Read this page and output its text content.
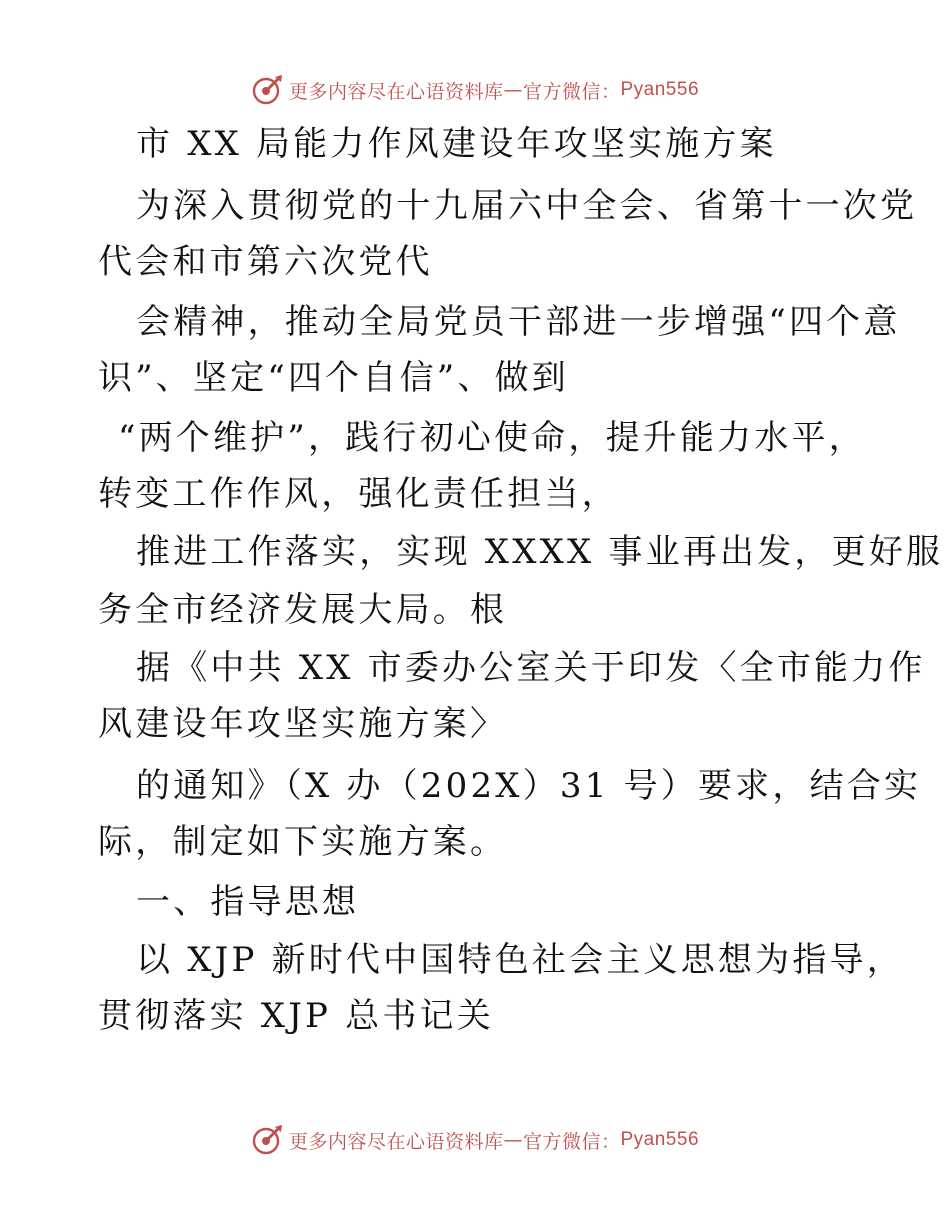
更多内容尽在心语资料库 — 官方微信： Pyan556
市 XX 局能力作风建设年攻坚实施方案
为深入贯彻党的十九届六中全会、省第十一次党
代会和市第六次党代
会精神，推动全局党员干部进一步增强“四个意
识”、坚定“四个自信”、做到
“两个维护”，践行初心使命，提升能力水平，
转变工作作风，强化责任担当，
推进工作落实，实现 XXXX 事业再出发，更好服
务全市经济发展大局。根
据《中共 XX 市委办公室关于印发〈全市能力作
风建设年攻坚实施方案〉
的通知》（X 办（202X）31 号）要求，结合实
际，制定如下实施方案。
一、指导思想
以 XJP 新时代中国特色社会主义思想为指导，
贯彻落实 XJP 总书记关
更多内容尽在心语资料库 — 官方微信： Pyan556
